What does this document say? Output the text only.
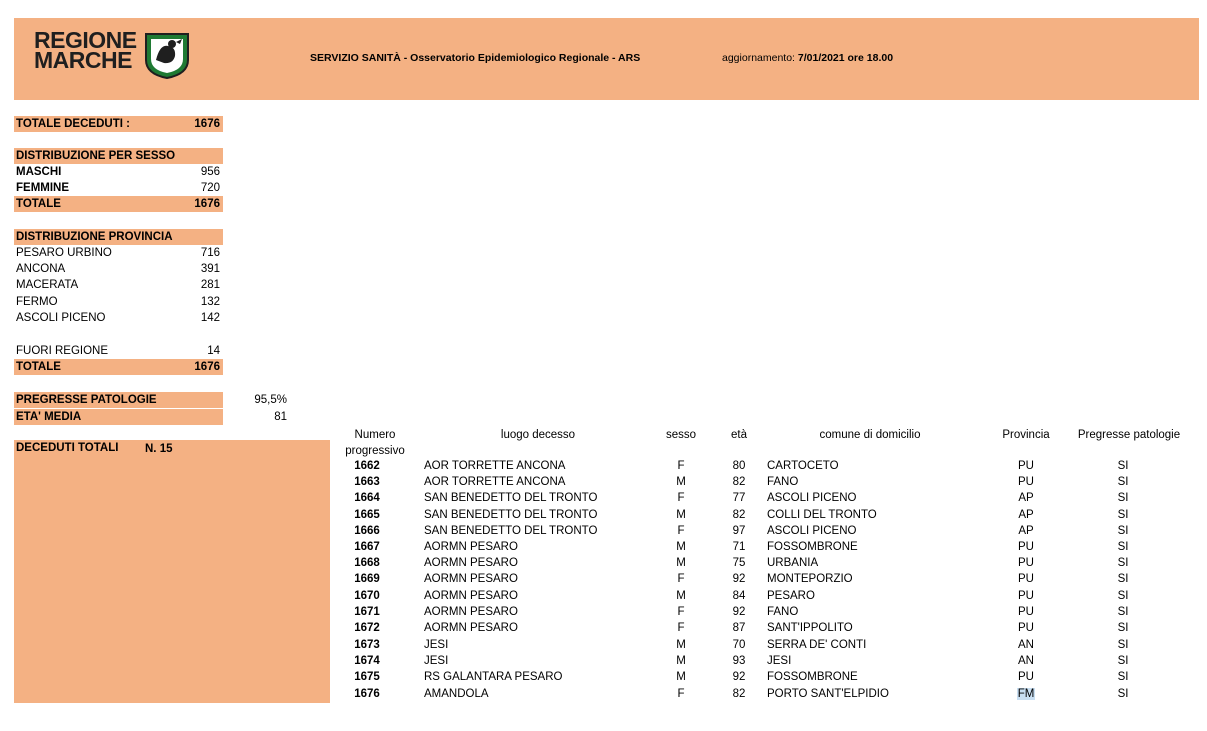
REGIONE
MARCHE	SERVIZIO SANITÀ - Osservatorio Epidemiologico Regionale - ARS	aggiornamento: 7/01/2021 ore 18.00
TOTALE DECEDUTI :	1676
DISTRIBUZIONE PER SESSO
MASCHI	956
FEMMINE	720
TOTALE	1676
DISTRIBUZIONE PROVINCIA
PESARO URBINO	716
ANCONA	391
MACERATA	281
FERMO	132
ASCOLI PICENO	142
FUORI REGIONE	14
TOTALE	1676
PREGRESSE PATOLOGIE	95,5%
ETA' MEDIA	81
DECEDUTI TOTALI N. 15
Numero
progressivo
luogo decesso	sesso	età	comune di domicilio	Provincia	Pregresse patologie
1662	AOR TORRETTE ANCONA	F	80	CARTOCETO	PU	SI
1663	AOR TORRETTE ANCONA	M	82	FANO	PU	SI
1664	SAN BENEDETTO DEL TRONTO	F	77	ASCOLI PICENO	AP	SI
1665	SAN BENEDETTO DEL TRONTO	M	82	COLLI DEL TRONTO	AP	SI
1666	SAN BENEDETTO DEL TRONTO	F	97	ASCOLI PICENO	AP	SI
1667	AORMN PESARO	M	71	FOSSOMBRONE	PU	SI
1668	AORMN PESARO	M	75	URBANIA	PU	SI
1669	AORMN PESARO	F	92	MONTEPORZIO	PU	SI
1670	AORMN PESARO	M	84	PESARO	PU	SI
1671	AORMN PESARO	F	92	FANO	PU	SI
1672	AORMN PESARO	F	87	SANT'IPPOLITO	PU	SI
1673	JESI	M	70	SERRA DE' CONTI	AN	SI
1674	JESI	M	93	JESI	AN	SI
1675	RS GALANTARA PESARO	M	92	FOSSOMBRONE	PU	SI
1676	AMANDOLA	F	82	PORTO SANT'ELPIDIO	FM	SI
